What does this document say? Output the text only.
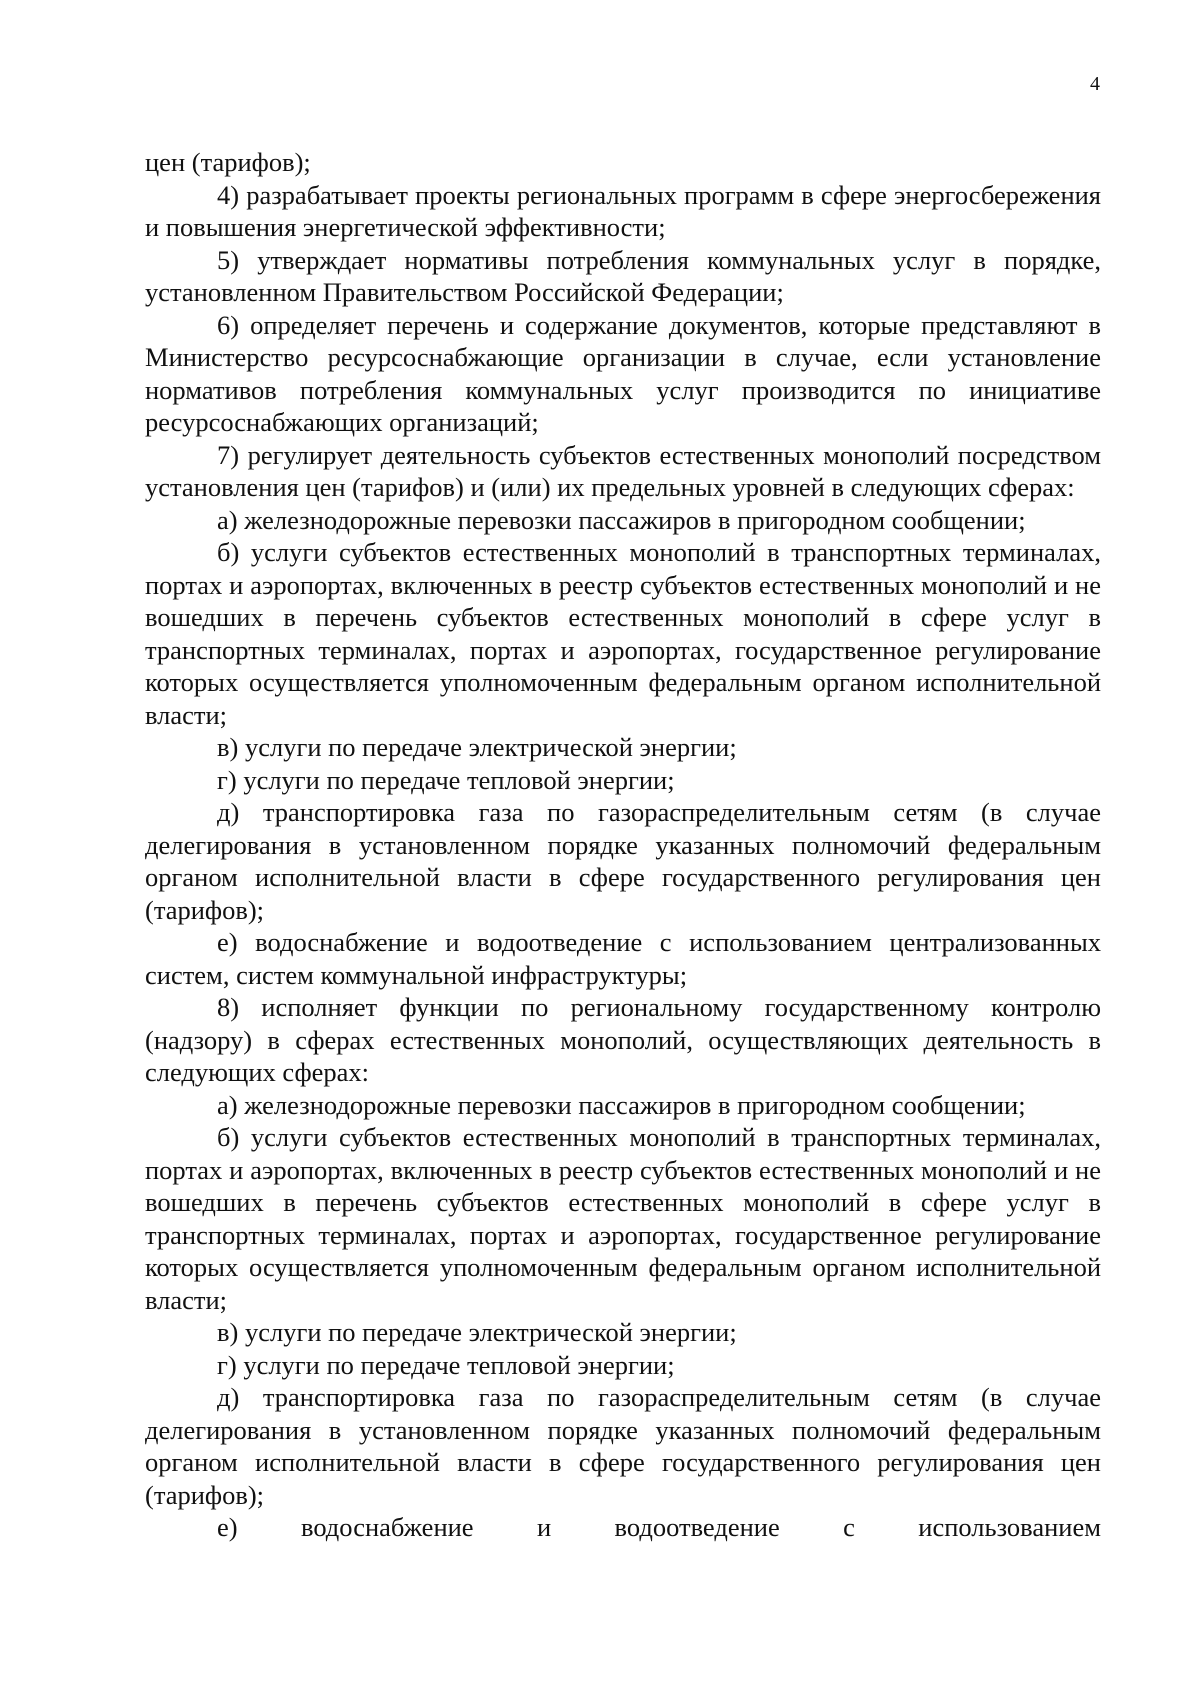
4

цен (тарифов);

4) разрабатывает проекты региональных программ в сфере энергосбережения и повышения энергетической эффективности;

5) утверждает нормативы потребления коммунальных услуг в порядке, установленном Правительством Российской Федерации;

6) определяет перечень и содержание документов, которые представляют в Министерство ресурсоснабжающие организации в случае, если установление нормативов потребления коммунальных услуг производится по инициативе ресурсоснабжающих организаций;

7) регулирует деятельность субъектов естественных монополий посредством установления цен (тарифов) и (или) их предельных уровней в следующих сферах:

а) железнодорожные перевозки пассажиров в пригородном сообщении;

б) услуги субъектов естественных монополий в транспортных терминалах, портах и аэропортах, включенных в реестр субъектов естественных монополий и не вошедших в перечень субъектов естественных монополий в сфере услуг в транспортных терминалах, портах и аэропортах, государственное регулирование которых осуществляется уполномоченным федеральным органом исполнительной власти;

в) услуги по передаче электрической энергии;

г) услуги по передаче тепловой энергии;

д) транспортировка газа по газораспределительным сетям (в случае делегирования в установленном порядке указанных полномочий федеральным органом исполнительной власти в сфере государственного регулирования цен (тарифов);

е) водоснабжение и водоотведение с использованием централизованных систем, систем коммунальной инфраструктуры;

8) исполняет функции по региональному государственному контролю (надзору) в сферах естественных монополий, осуществляющих деятельность в следующих сферах:

а) железнодорожные перевозки пассажиров в пригородном сообщении;

б) услуги субъектов естественных монополий в транспортных терминалах, портах и аэропортах, включенных в реестр субъектов естественных монополий и не вошедших в перечень субъектов естественных монополий в сфере услуг в транспортных терминалах, портах и аэропортах, государственное регулирование которых осуществляется уполномоченным федеральным органом исполнительной власти;

в) услуги по передаче электрической энергии;

г) услуги по передаче тепловой энергии;

д) транспортировка газа по газораспределительным сетям (в случае делегирования в установленном порядке указанных полномочий федеральным органом исполнительной власти в сфере государственного регулирования цен (тарифов);

е) водоснабжение и водоотведение с использованием
